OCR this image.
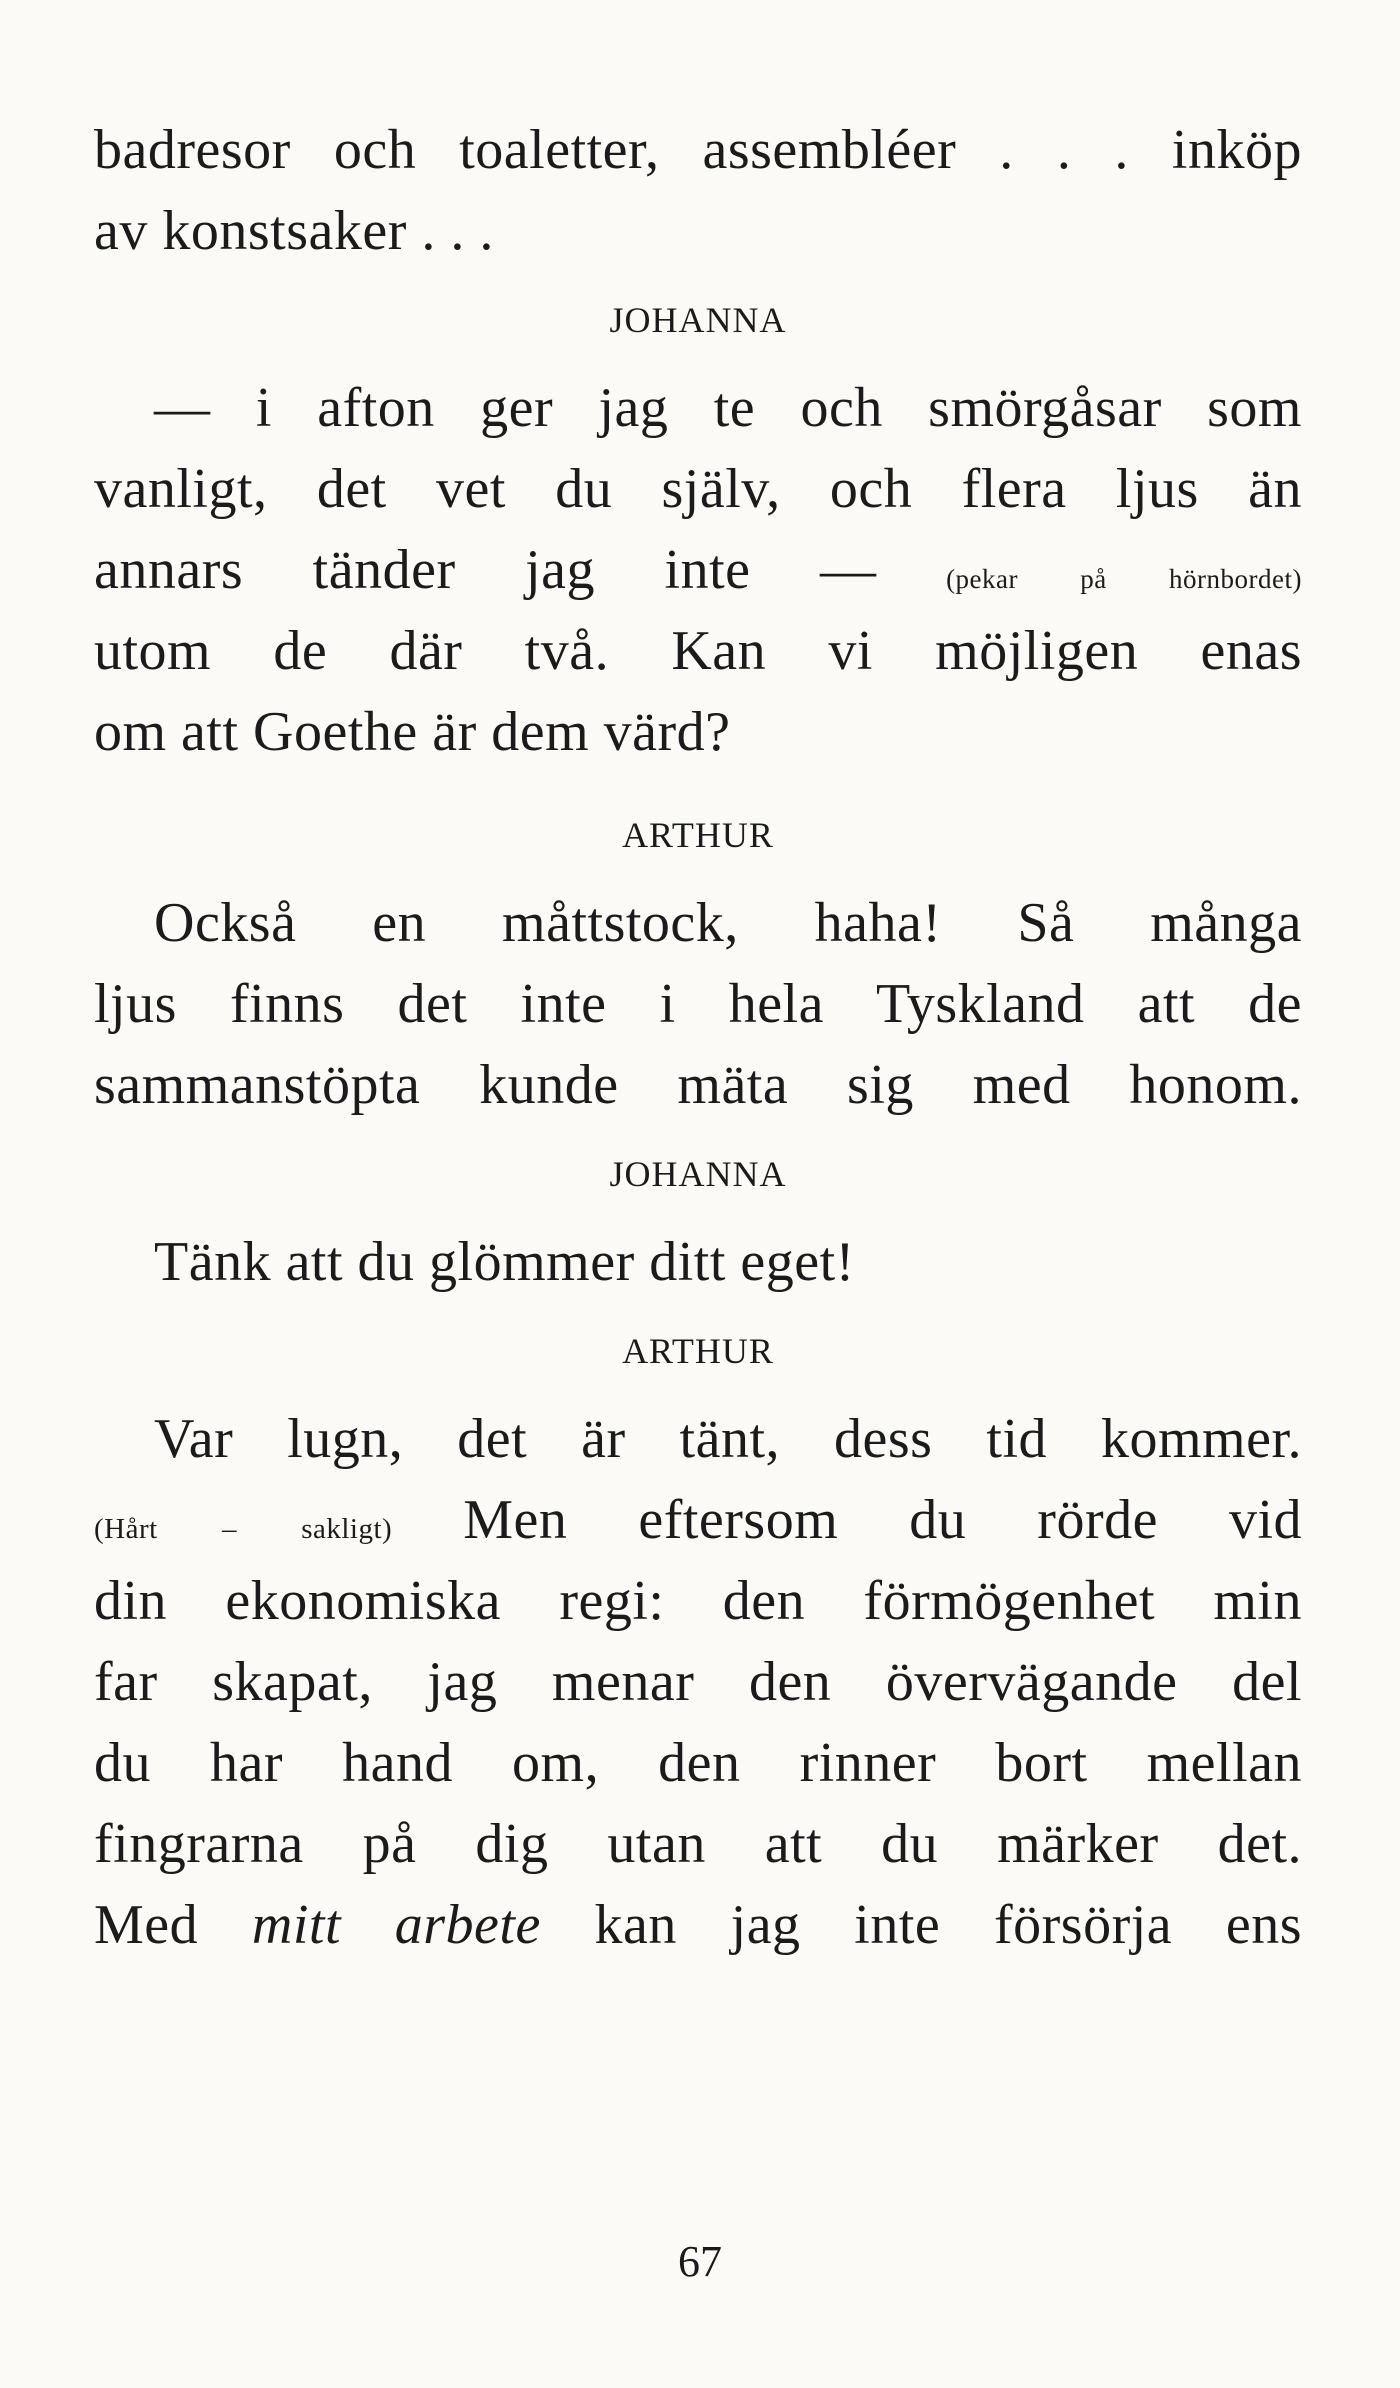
badresor och toaletter, assembléer . . . inköp
av konstsaker . . .
JOHANNA
— i afton ger jag te och smörgåsar som
vanligt, det vet du själv, och flera ljus än
annars tänder jag inte —	(pekar på hörnbordet)
utom de där två. Kan vi möjligen enas
om att Goethe är dem värd?
ARTHUR
Också en måttstock, haha! Så många
ljus finns det inte i hela Tyskland att de
sammanstöpta kunde mäta sig med honom.
JOHANNA
Tänk att du glömmer ditt eget!
ARTHUR
Var lugn, det är tänt, dess tid kommer.
(Hårt – sakligt) Men eftersom du rörde vid
din ekonomiska regi: den förmögenhet min
far skapat, jag menar den övervägande del
du har hand om, den rinner bort mellan
fingrarna på dig utan att du märker det.
Med mitt arbete kan jag inte försörja ens
67
